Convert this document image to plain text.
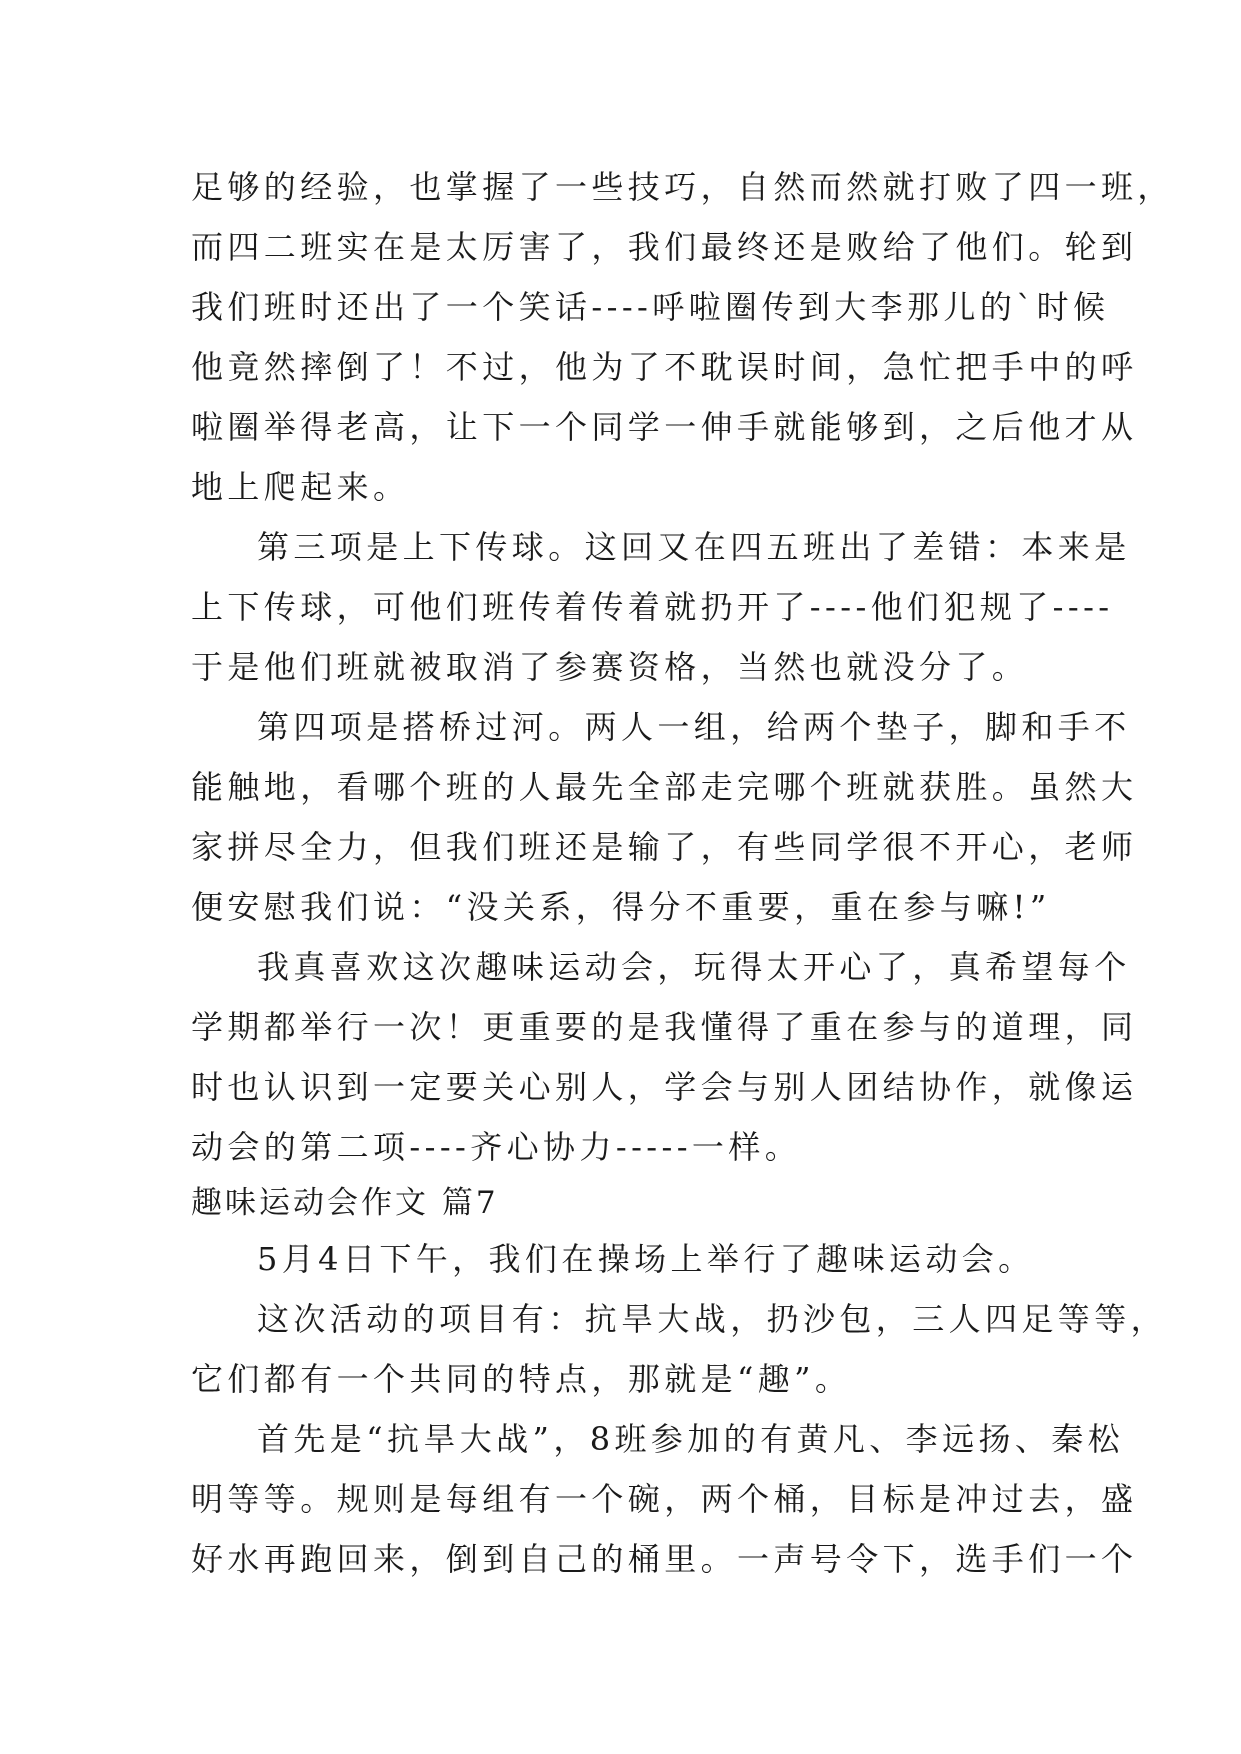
足够的经验，也掌握了一些技巧，自然而然就打败了四一班，
而四二班实在是太厉害了，我们最终还是败给了他们。轮到
我们班时还出了一个笑话----呼啦圈传到大李那儿的`时候
他竟然摔倒了！不过，他为了不耽误时间，急忙把手中的呼
啦圈举得老高，让下一个同学一伸手就能够到，之后他才从
地上爬起来。
第三项是上下传球。这回又在四五班出了差错：本来是
上下传球，可他们班传着传着就扔开了----他们犯规了----
于是他们班就被取消了参赛资格，当然也就没分了。
第四项是搭桥过河。两人一组，给两个垫子，脚和手不
能触地，看哪个班的人最先全部走完哪个班就获胜。虽然大
家拼尽全力，但我们班还是输了，有些同学很不开心，老师
便安慰我们说：“没关系，得分不重要，重在参与嘛!”
我真喜欢这次趣味运动会，玩得太开心了，真希望每个
学期都举行一次！更重要的是我懂得了重在参与的道理，同
时也认识到一定要关心别人，学会与别人团结协作，就像运
动会的第二项----齐心协力-----一样。
趣味运动会作文 篇7
5月4日下午，我们在操场上举行了趣味运动会。
这次活动的项目有：抗旱大战，扔沙包，三人四足等等，
它们都有一个共同的特点，那就是“趣”。
首先是“抗旱大战”，8班参加的有黄凡、李远扬、秦松
明等等。规则是每组有一个碗，两个桶，目标是冲过去，盛
好水再跑回来，倒到自己的桶里。一声号令下，选手们一个
